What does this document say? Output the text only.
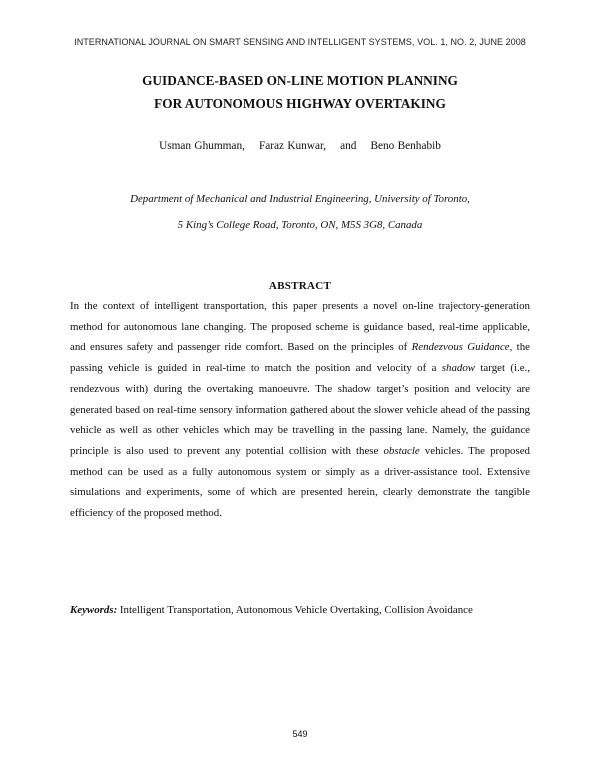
INTERNATIONAL JOURNAL ON SMART SENSING AND INTELLIGENT SYSTEMS, VOL. 1, NO. 2, JUNE 2008
GUIDANCE-BASED ON-LINE MOTION PLANNING
FOR AUTONOMOUS HIGHWAY OVERTAKING
Usman Ghumman, Faraz Kunwar, and Beno Benhabib
Department of Mechanical and Industrial Engineering, University of Toronto,
5 King’s College Road, Toronto, ON, M5S 3G8, Canada
ABSTRACT

In the context of intelligent transportation, this paper presents a novel on-line trajectory-generation method for autonomous lane changing. The proposed scheme is guidance based, real-time applicable, and ensures safety and passenger ride comfort. Based on the principles of Rendezvous Guidance, the passing vehicle is guided in real-time to match the position and velocity of a shadow target (i.e., rendezvous with) during the overtaking manoeuvre. The shadow target’s position and velocity are generated based on real-time sensory information gathered about the slower vehicle ahead of the passing vehicle as well as other vehicles which may be travelling in the passing lane. Namely, the guidance principle is also used to prevent any potential collision with these obstacle vehicles. The proposed method can be used as a fully autonomous system or simply as a driver-assistance tool. Extensive simulations and experiments, some of which are presented herein, clearly demonstrate the tangible efficiency of the proposed method.

Keywords: Intelligent Transportation, Autonomous Vehicle Overtaking, Collision Avoidance
549
